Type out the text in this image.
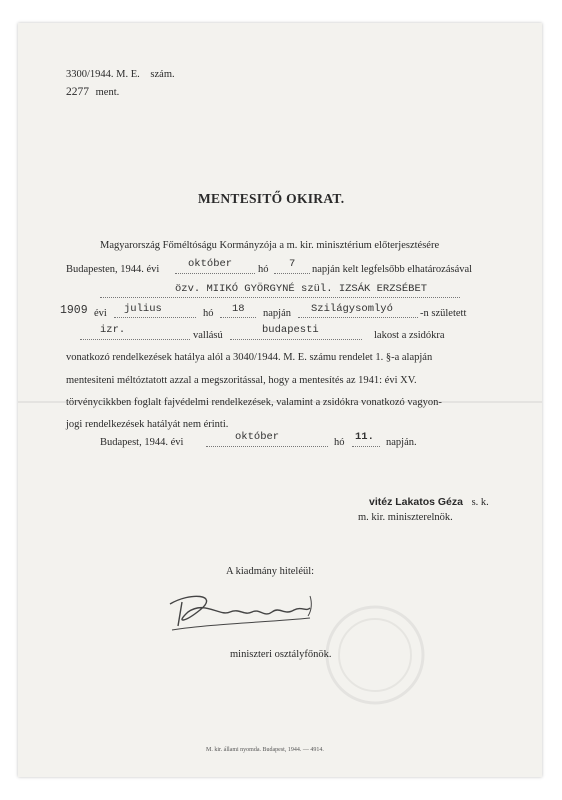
3300/1944. M. E. szám.
2277 ment.
MENTESITŐ OKIRAT.
Magyarország Főméltóságu Kormányzója a m. kir. minisztérium előterjesztésére
Budapesten, 1944. évi	október hó 7 napján kelt legfelsőbb elhatározásával
özv. MIIKÓ GYÖRGYNÉ szül. IZSÁK ERZSÉBET
1909 évi julius	hó 18 napján Szilágysomlyó	-n született
izr.	vallású	budapesti	lakost a zsidókra
vonatkozó rendelkezések hatálya alól a 3040/1944. M. E. számu rendelet 1. §-a alapján
mentesiteni méltóztatott azzal a megszoritással, hogy a mentesítés az 1941: évi XV.
törvénycikkben foglalt fajvédelmi rendelkezések, valamint a zsidókra vonatkozó vagyon-
jogi rendelkezések hatályát nem érinti.
Budapest, 1944. évi	október	hó 11. napján.
vitéz Lakatos Géza s. k.
m. kir. miniszterelnök.
A kiadmány hiteléül:
miniszteri osztályfőnök.
M. kir. állami nyomda. Budapest, 1944. — 4914.
